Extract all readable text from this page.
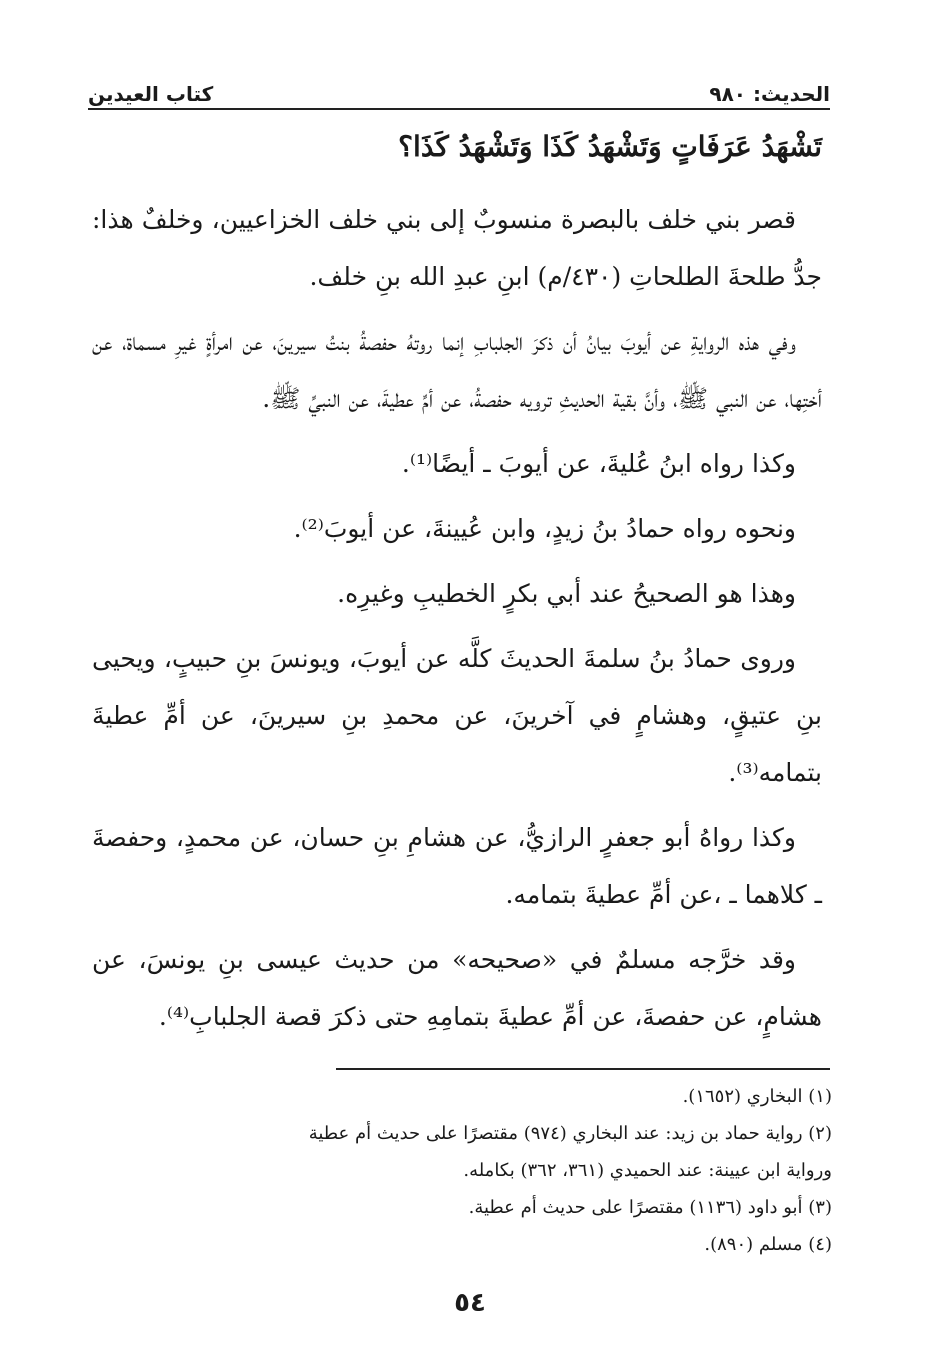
الحديث: ٩٨٠
كتاب العيدين

تَشْهَدُ عَرَفَاتٍ وَتَشْهَدُ كَذَا وَتَشْهَدُ كَذَا؟

قصر بني خلف بالبصرة منسوبٌ إلى بني خلف الخزاعيين، وخلفٌ هذا: جدُّ طلحةَ الطلحاتِ (٤٣٠/م) ابنِ عبدِ الله بنِ خلف.

وفي هذه الروايةِ عن أيوبَ بيانُ أن ذكرَ الجلبابِ إنما روتهُ حفصةُ بنتُ سيرينَ، عن امرأةٍ غيرِ مسماة، عن أختِها، عن النبي ﷺ، وأنَّ بقية الحديثِ ترويه حفصةُ، عن أمِّ عطيةَ، عن النبيِّ ﷺ.

وكذا رواه ابنُ عُليةَ، عن أيوبَ ـ أيضًا⁽¹⁾.

ونحوه رواه حمادُ بنُ زيدٍ، وابن عُيينةَ، عن أيوبَ⁽²⁾.

وهذا هو الصحيحُ عند أبي بكرٍ الخطيبِ وغيرِه.

وروى حمادُ بنُ سلمةَ الحديثَ كلَّه عن أيوبَ، ويونسَ بنِ حبيبٍ، ويحيى بنِ عتيقٍ، وهشامٍ في آخرينَ، عن محمدِ بنِ سيرينَ، عن أمِّ عطيةَ بتمامه⁽³⁾.

وكذا رواهُ أبو جعفرٍ الرازيُّ، عن هشامِ بنِ حسان، عن محمدٍ، وحفصةَ ـ كلاهما ـ ،عن أمِّ عطيةَ بتمامه.

وقد خرَّجه مسلمٌ في «صحيحه» من حديث عيسى بنِ يونسَ، عن هشامٍ، عن حفصةَ، عن أمِّ عطيةَ بتمامِهِ حتى ذكرَ قصة الجلبابِ⁽⁴⁾.

(١) البخاري (١٦٥٢).
(٢) رواية حماد بن زيد: عند البخاري (٩٧٤) مقتصرًا على حديث أم عطية
ورواية ابن عيينة: عند الحميدي (٣٦١، ٣٦٢) بكامله.
(٣) أبو داود (١١٣٦) مقتصرًا على حديث أم عطية.
(٤) مسلم (٨٩٠).
٥٤
